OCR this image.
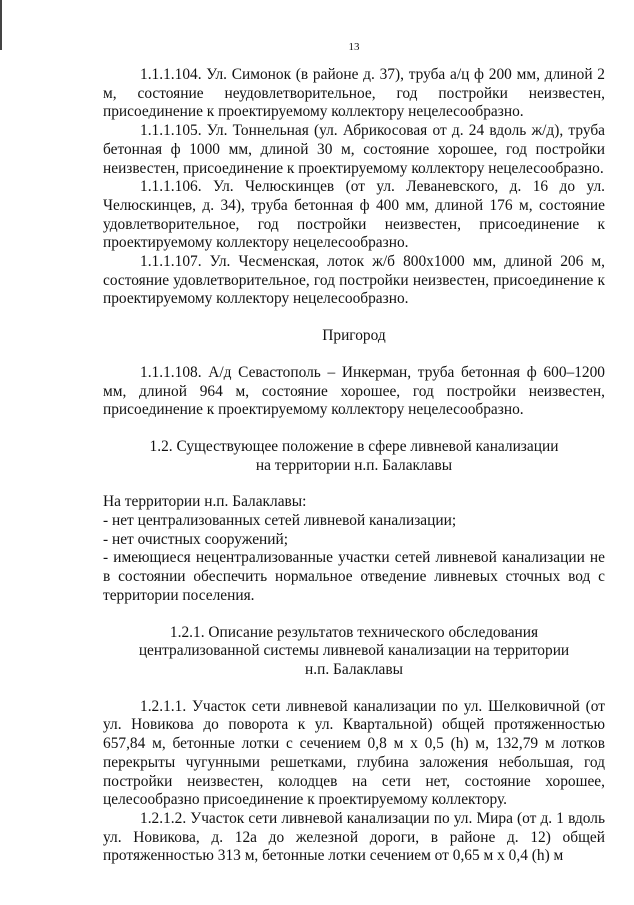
13

1.1.1.104. Ул. Симонок (в районе д. 37), труба а/ц ф 200 мм, длиной 2 м, состояние неудовлетворительное, год постройки неизвестен, присоединение к проектируемому коллектору нецелесообразно.

1.1.1.105. Ул. Тоннельная (ул. Абрикосовая от д. 24 вдоль ж/д), труба бетонная ф 1000 мм, длиной 30 м, состояние хорошее, год постройки неизвестен, присоединение к проектируемому коллектору нецелесообразно.

1.1.1.106. Ул. Челюскинцев (от ул. Леваневского, д. 16 до ул. Челюскинцев, д. 34), труба бетонная ф 400 мм, длиной 176 м, состояние удовлетворительное, год постройки неизвестен, присоединение к проектируемому коллектору нецелесообразно.

1.1.1.107. Ул. Чесменская, лоток ж/б 800х1000 мм, длиной 206 м, состояние удовлетворительное, год постройки неизвестен, присоединение к проектируемому коллектору нецелесообразно.

Пригород

1.1.1.108. А/д Севастополь – Инкерман, труба бетонная ф 600–1200 мм, длиной 964 м, состояние хорошее, год постройки неизвестен, присоединение к проектируемому коллектору нецелесообразно.

1.2. Существующее положение в сфере ливневой канализации
на территории н.п. Балаклавы

На территории н.п. Балаклавы:

- нет централизованных сетей ливневой канализации;

- нет очистных сооружений;

- имеющиеся нецентрализованные участки сетей ливневой канализации не в состоянии обеспечить нормальное отведение ливневых сточных вод с территории поселения.

1.2.1. Описание результатов технического обследования
централизованной системы ливневой канализации на территории
н.п. Балаклавы

1.2.1.1. Участок сети ливневой канализации по ул. Шелковичной (от ул. Новикова до поворота к ул. Квартальной) общей протяженностью 657,84 м, бетонные лотки с сечением 0,8 м х 0,5 (h) м, 132,79 м лотков перекрыты чугунными решетками, глубина заложения небольшая, год постройки неизвестен, колодцев на сети нет, состояние хорошее, целесообразно присоединение к проектируемому коллектору.

1.2.1.2. Участок сети ливневой канализации по ул. Мира (от д. 1 вдоль ул. Новикова, д. 12а до железной дороги, в районе д. 12) общей протяженностью 313 м, бетонные лотки сечением от 0,65 м х 0,4 (h) м
